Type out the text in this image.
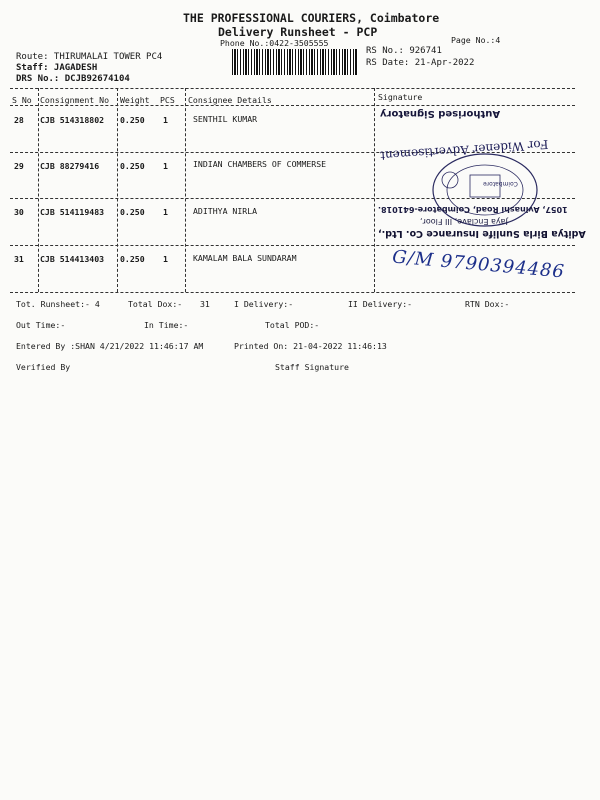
THE PROFESSIONAL COURIERS, Coimbatore
Delivery Runsheet - PCP
Phone No.:0422-3505555	Page No.:4
Route: THIRUMALAI TOWER PC4
Staff: JAGADESH
DRS No.: DCJB92674104
RS No.: 926741
RS Date: 21-Apr-2022
S No Consignment No Weight PCS Consignee Details	Signature
28 CJB 514318802 0.250 1	SENTHIL KUMAR
29 CJB 88279416	0.250 1	INDIAN CHAMBERS OF COMMERSE
30 CJB 514119483 0.250 1	ADITHYA NIRLA
31 CJB 514413403 0.250 1	KAMALAM BALA SUNDARAM
Authorised Signatory
For Widener Advertisement
Coimbatore
1057, Avinashi Road, Coimbatore-641018.
Jaya Enclave, III Floor,
Aditya Birla Sunlife Insurance Co. Ltd.,
G/M 9790394486
Tot. Runsheet:- 4	Total Dox:- 31	I Delivery:-	II Delivery:-	RTN Dox:-
Out Time:-	In Time:-	Total POD:-
Entered By :SHAN 4/21/2022 11:46:17 AM	Printed On: 21-04-2022 11:46:13
Verified By	Staff Signature
